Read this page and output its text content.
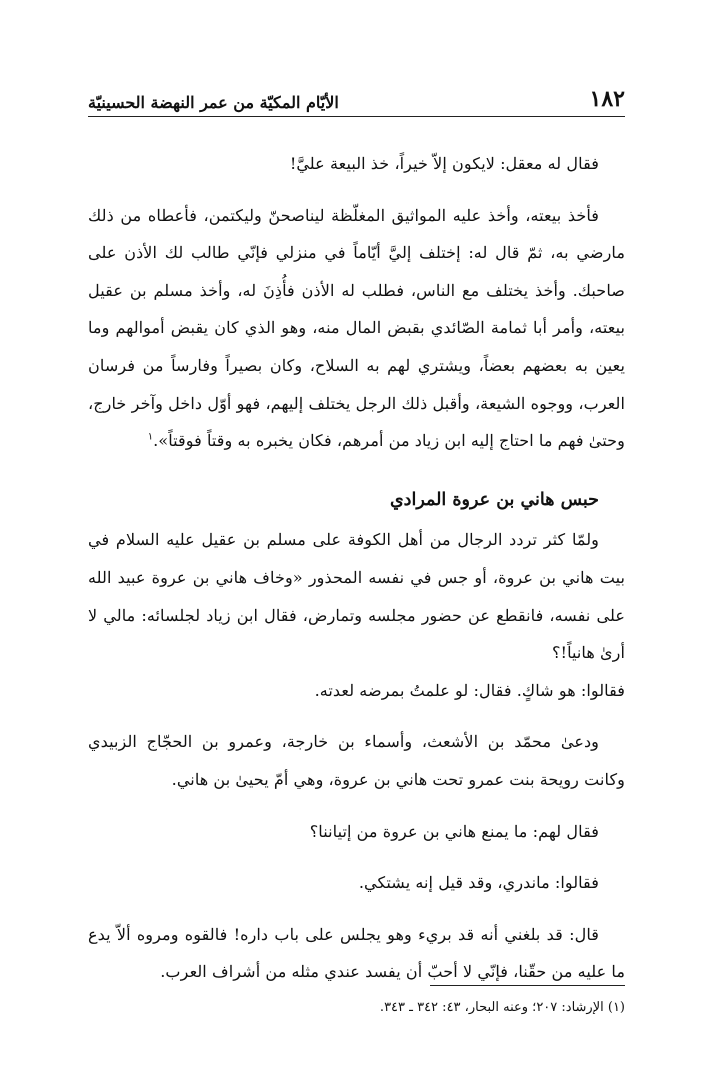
الأيّام المكيّة من عمر النهضة الحسينيّة	١٨٢

فقال له معقل: لايكون إلاّ خيراً، خذ البيعة عليَّ!

فأخذ بيعته، وأخذ عليه المواثيق المغلّظة ليناصحنّ وليكتمن، فأعطاه من ذلك مارضي به، ثمّ قال له: إختلف إليَّ أيّاماً في منزلي فإنّي طالب لك الأذن على صاحبك. وأخذ يختلف مع الناس، فطلب له الأذن فأُذِنَ له، وأخذ مسلم بن عقيل بيعته، وأمر أبا ثمامة الصّائدي بقبض المال منه، وهو الذي كان يقبض أموالهم وما يعين به بعضهم بعضاً، ويشتري لهم به السلاح، وكان بصيراً وفارساً من فرسان العرب، ووجوه الشيعة، وأقبل ذلك الرجل يختلف إليهم، فهو أوّل داخل وآخر خارج، وحتىٰ فهم ما احتاج إليه ابن زياد من أمرهم، فكان يخبره به وقتاً فوقتاً».$^١$

حبس هاني بن عروة المرادي

ولمّا كثر تردد الرجال من أهل الكوفة على مسلم بن عقيل عليه السلام في بيت هاني بن عروة، أو جس في نفسه المحذور «وخاف هاني بن عروة عبيد الله على نفسه، فانقطع عن حضور مجلسه وتمارض، فقال ابن زياد لجلسائه: مالي لا أرىٰ هانياً!؟

فقالوا: هو شاكٍ. فقال: لو علمتُ بمرضه لعدته.

ودعىٰ محمّد بن الأشعث، وأسماء بن خارجة، وعمرو بن الحجّاج الزبيدي وكانت رويحة بنت عمرو تحت هاني بن عروة، وهي أمّ يحيىٰ بن هاني.

فقال لهم: ما يمنع هاني بن عروة من إتياننا؟

فقالوا: ماندري، وقد قيل إنه يشتكي.

قال: قد بلغني أنه قد بريء وهو يجلس على باب داره! فالقوه ومروه ألاّ يدع ما عليه من حقّنا، فإنّي لا أحبّ أن يفسد عندي مثله من أشراف العرب.

(١) الإرشاد: ٢٠٧؛ وعنه البحار، ٤٣: ٣٤٢ ـ ٣٤٣.
